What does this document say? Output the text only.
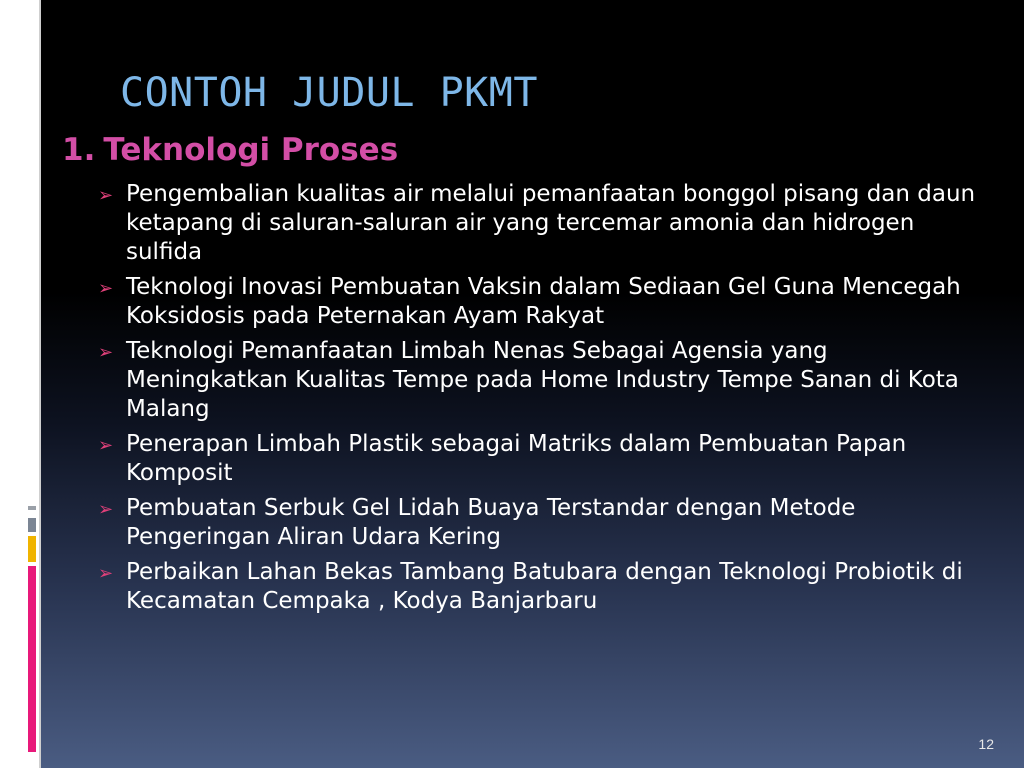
CONTOH JUDUL PKMT
1. Teknologi Proses
➢ Pengembalian kualitas air melalui pemanfaatan bonggol pisang dan daun ketapang di saluran-saluran air yang tercemar amonia dan hidrogen sulfida
➢ Teknologi Inovasi Pembuatan Vaksin dalam Sediaan Gel Guna Mencegah Koksidosis pada Peternakan Ayam Rakyat
➢ Teknologi Pemanfaatan Limbah Nenas Sebagai Agensia yang Meningkatkan Kualitas Tempe pada Home Industry Tempe Sanan di Kota Malang
➢ Penerapan Limbah Plastik sebagai Matriks dalam Pembuatan Papan Komposit
➢ Pembuatan Serbuk Gel Lidah Buaya Terstandar dengan Metode Pengeringan Aliran Udara Kering
➢ Perbaikan Lahan Bekas Tambang Batubara dengan Teknologi Probiotik di Kecamatan Cempaka , Kodya Banjarbaru
12
